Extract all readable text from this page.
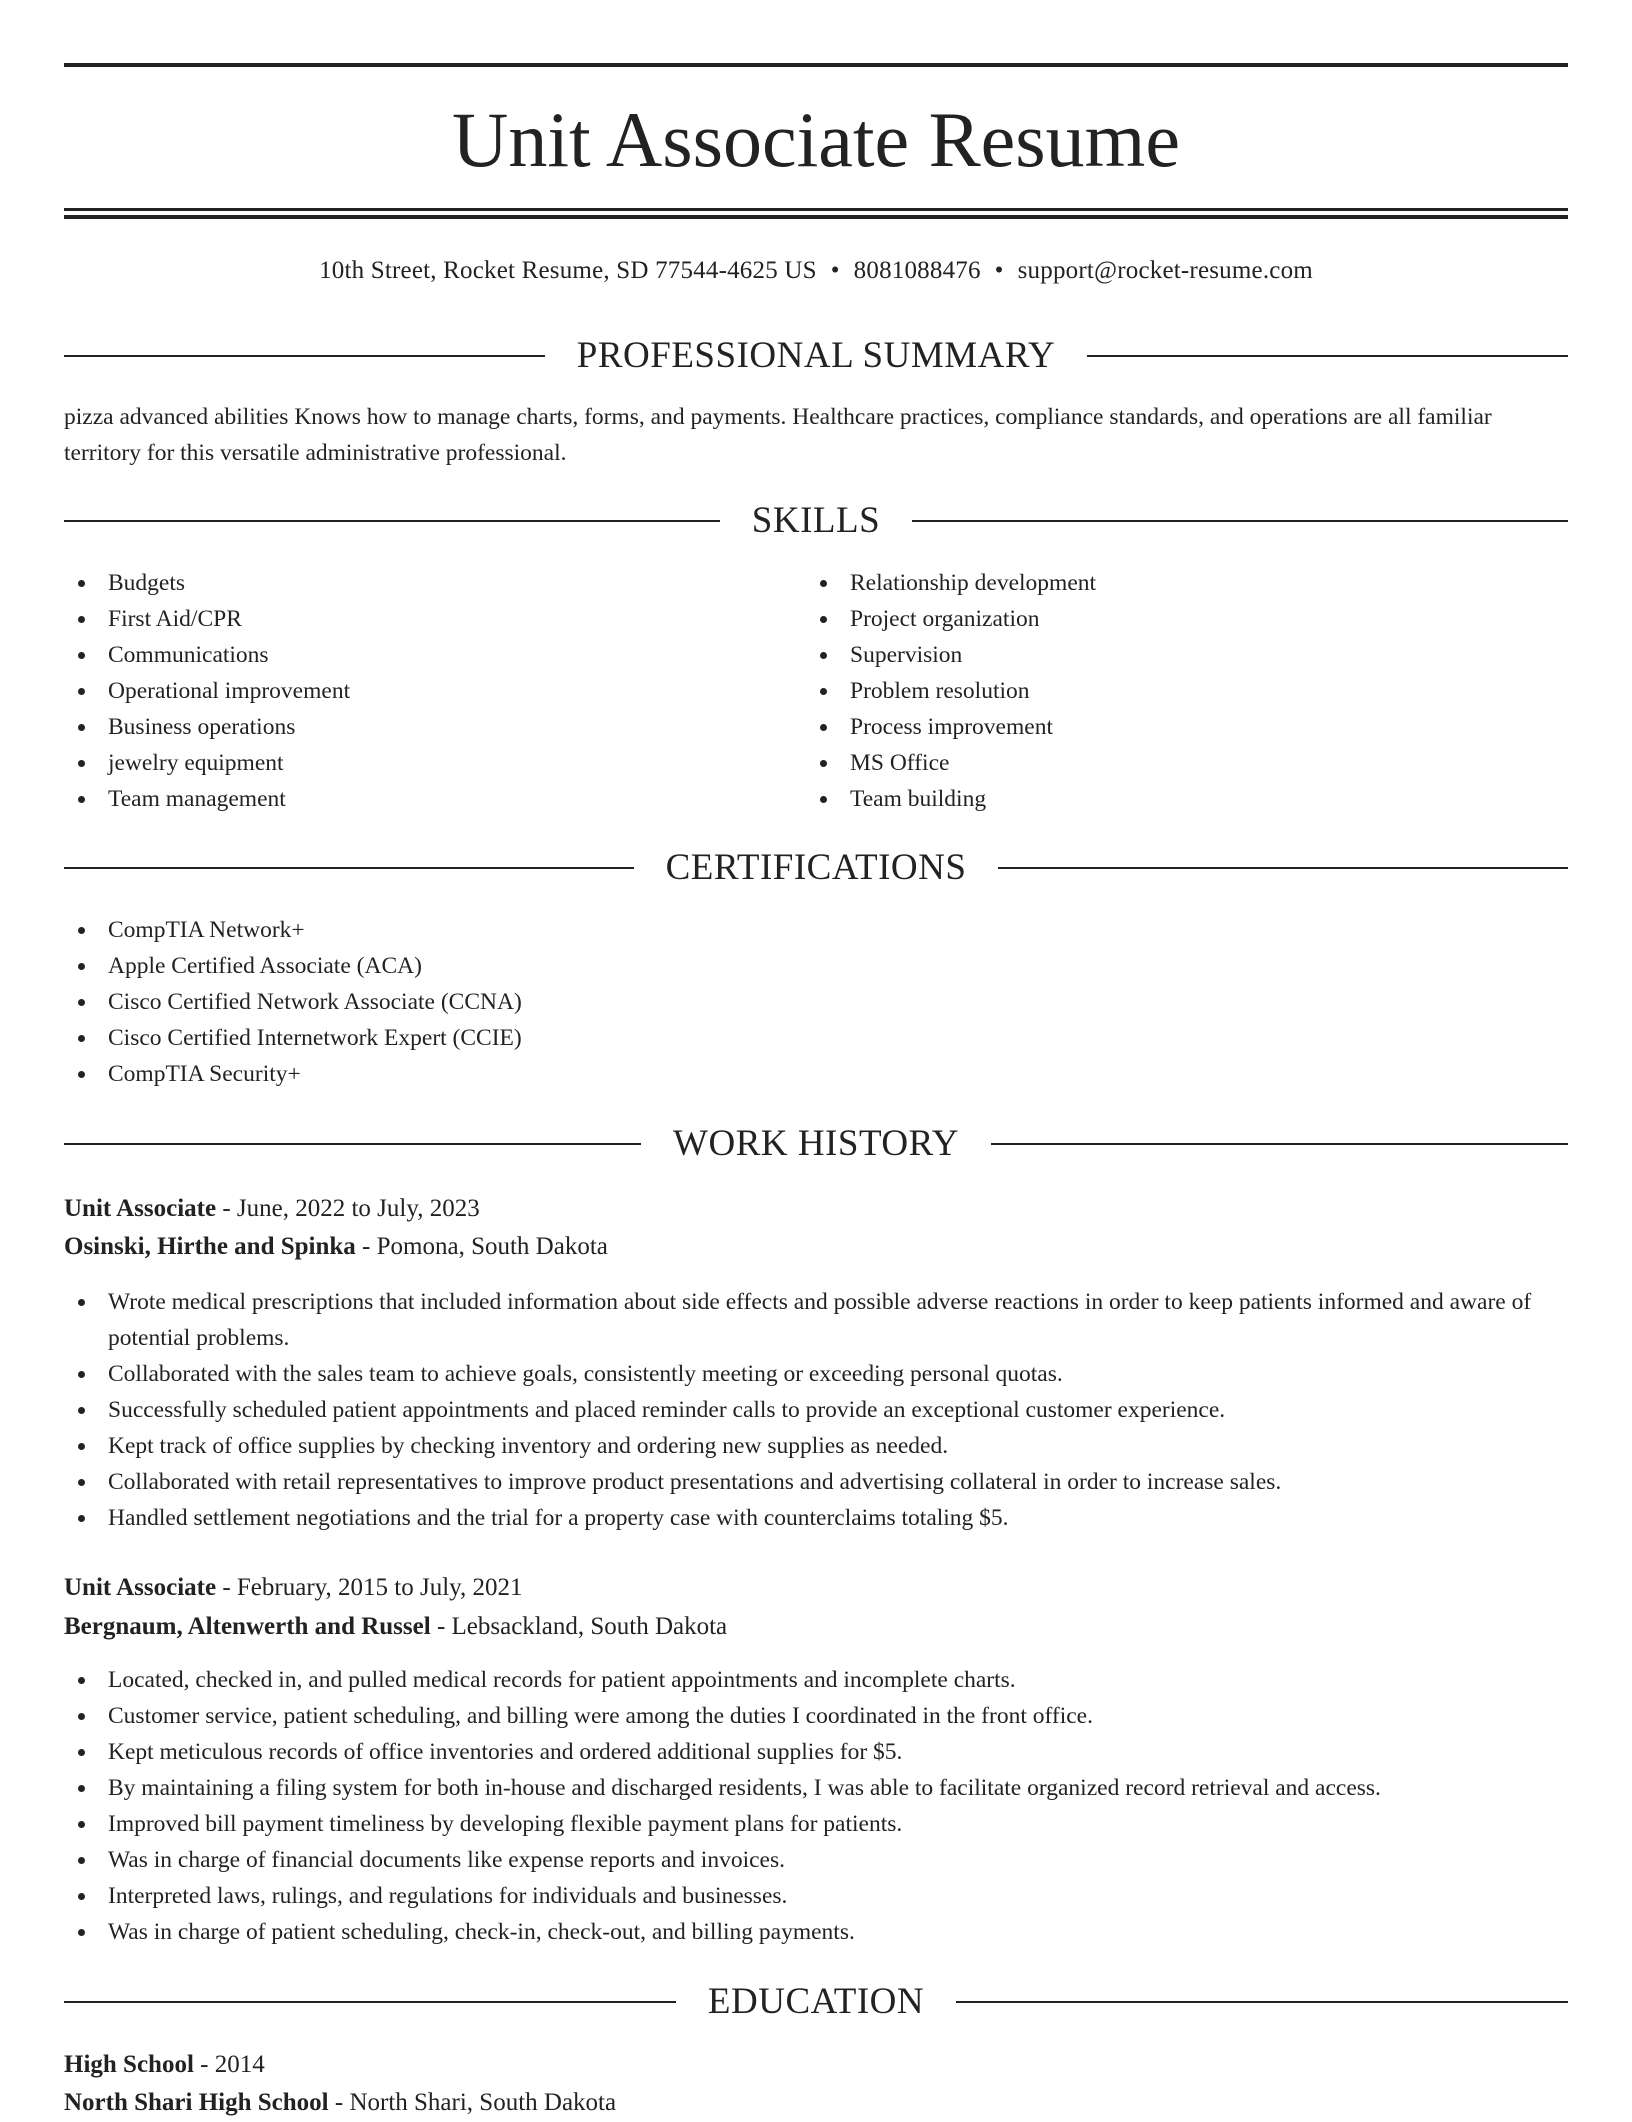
Unit Associate Resume
10th Street, Rocket Resume, SD 77544-4625 US • 8081088476 • support@rocket-resume.com
PROFESSIONAL SUMMARY

pizza advanced abilities Knows how to manage charts, forms, and payments. Healthcare practices, compliance standards, and operations are all familiar territory for this versatile administrative professional.

SKILLS
Budgets
First Aid/CPR
Communications
Operational improvement
Business operations
jewelry equipment
Team management
Relationship development
Project organization
Supervision
Problem resolution
Process improvement
MS Office
Team building
CERTIFICATIONS
CompTIA Network+
Apple Certified Associate (ACA)
Cisco Certified Network Associate (CCNA)
Cisco Certified Internetwork Expert (CCIE)
CompTIA Security+
WORK HISTORY

Unit Associate - June, 2022 to July, 2023

Osinski, Hirthe and Spinka - Pomona, South Dakota

Wrote medical prescriptions that included information about side effects and possible adverse reactions in order to keep patients informed and aware of potential problems.
Collaborated with the sales team to achieve goals, consistently meeting or exceeding personal quotas.
Successfully scheduled patient appointments and placed reminder calls to provide an exceptional customer experience.
Kept track of office supplies by checking inventory and ordering new supplies as needed.
Collaborated with retail representatives to improve product presentations and advertising collateral in order to increase sales.
Handled settlement negotiations and the trial for a property case with counterclaims totaling $5.

Unit Associate - February, 2015 to July, 2021

Bergnaum, Altenwerth and Russel - Lebsackland, South Dakota

Located, checked in, and pulled medical records for patient appointments and incomplete charts.
Customer service, patient scheduling, and billing were among the duties I coordinated in the front office.
Kept meticulous records of office inventories and ordered additional supplies for $5.
By maintaining a filing system for both in-house and discharged residents, I was able to facilitate organized record retrieval and access.
Improved bill payment timeliness by developing flexible payment plans for patients.
Was in charge of financial documents like expense reports and invoices.
Interpreted laws, rulings, and regulations for individuals and businesses.
Was in charge of patient scheduling, check-in, check-out, and billing payments.
EDUCATION

High School - 2014

North Shari High School - North Shari, South Dakota
